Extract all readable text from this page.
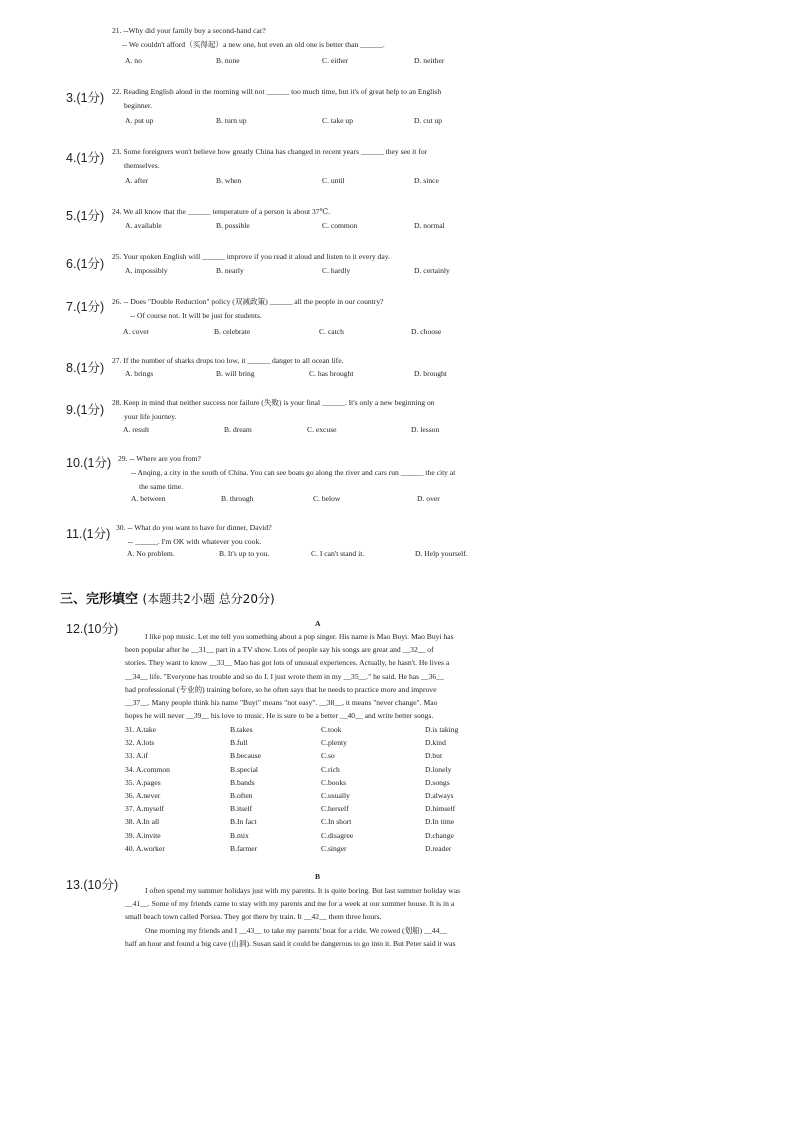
3.(1分)
4.(1分)
5.(1分)
6.(1分)
7.(1分)
8.(1分)
9.(1分)
10.(1分)
11.(1分)
21. --Why did your family buy a second-hand car?
-- We couldn't afford（买得起）a new one, but even an old one is better than ______.
A. no	B. none	C. either	D. neither
22. Reading English aloud in the morning will not ______ too much time, but it's of great help to an English
beginner.
A. put up	B. turn up	C. take up	D. cut up
23. Some foreigners won't believe how greatly China has changed in recent years ______ they see it for
themselves.
A. after	B. when	C. until	D. since
24. We all know that the ______ temperature of a person is about 37℃.
A. available	B. possible	C. common	D. normal
25. Your spoken English will ______ improve if you read it aloud and listen to it every day.
A. impossibly	B. nearly	C. hardly	D. certainly
26. -- Does "Double Reduction" policy (双减政策) ______ all the people in our country?
-- Of course not. It will be just for students.
A. cover	B. celebrate	C. catch	D. choose
27. If the number of sharks drops too low, it ______ danger to all ocean life.
A. brings	B. will bring	C. has brought	D. brought
28. Keep in mind that neither success nor failure (失败) is your final ______. It's only a new beginning on
your life journey.
A. result	B. dream	C. excuse	D. lesson
29. -- Where are you from?
-- Anqing, a city in the south of China. You can see boats go along the river and cars run ______ the city at
the same time.
A. between	B. through	C. below	D. over
30. -- What do you want to have for dinner, David?
-- ______. I'm OK with whatever you cook.
A. No problem.	B. It's up to you.	C. I can't stand it.	D. Help yourself.
三、完形填空 (本题共2小题 总分20分)
12.(10分)	A

I like pop music. Let me tell you something about a pop singer. His name is Mao Buyi. Mao Buyi has

been popular after he __31__ part in a TV show. Lots of people say his songs are great and __32__ of

stories. They want to know __33__ Mao has got lots of unusual experiences. Actually, he hasn't. He lives a

__34__ life. "Everyone has trouble and so do I. I just wrote them in my __35__." he said. He has __36__

had professional (专业的) training before, so he often says that he needs to practice more and improve

__37__. Many people think his name "Buyi" means "not easy". __38__, it means "never change". Mao

hopes he will never __39__ his love to music. He is sure to be a better __40__ and write better songs.

31. A.take	B.takes	C.took	D.is taking
32. A.lots	B.full	C.plenty	D.kind
33. A.if	B.because	C.so	D.but
34. A.common	B.special	C.rich	D.lonely
35. A.pages	B.bands	C.books	D.songs
36. A.never	B.often	C.usually	D.always
37. A.myself	B.itself	C.herself	D.himself
38. A.In all	B.In fact	C.In short	D.In time
39. A.invite	B.mix	C.disagree	D.change
40. A.worker	B.farmer	C.singer	D.reader
13.(10分)
B

I often spend my summer holidays just with my parents. It is quite boring. But last summer holiday was

__41__. Some of my friends came to stay with my parents and me for a week at our summer house. It is in a

small beach town called Porsea. They got there by train. It __42__ them three hours.

One morning my friends and I __43__ to take my parents' boat for a ride. We rowed (划船) __44__

half an hour and found a big cave (山洞). Susan said it could be dangerous to go into it. But Peter said it was
